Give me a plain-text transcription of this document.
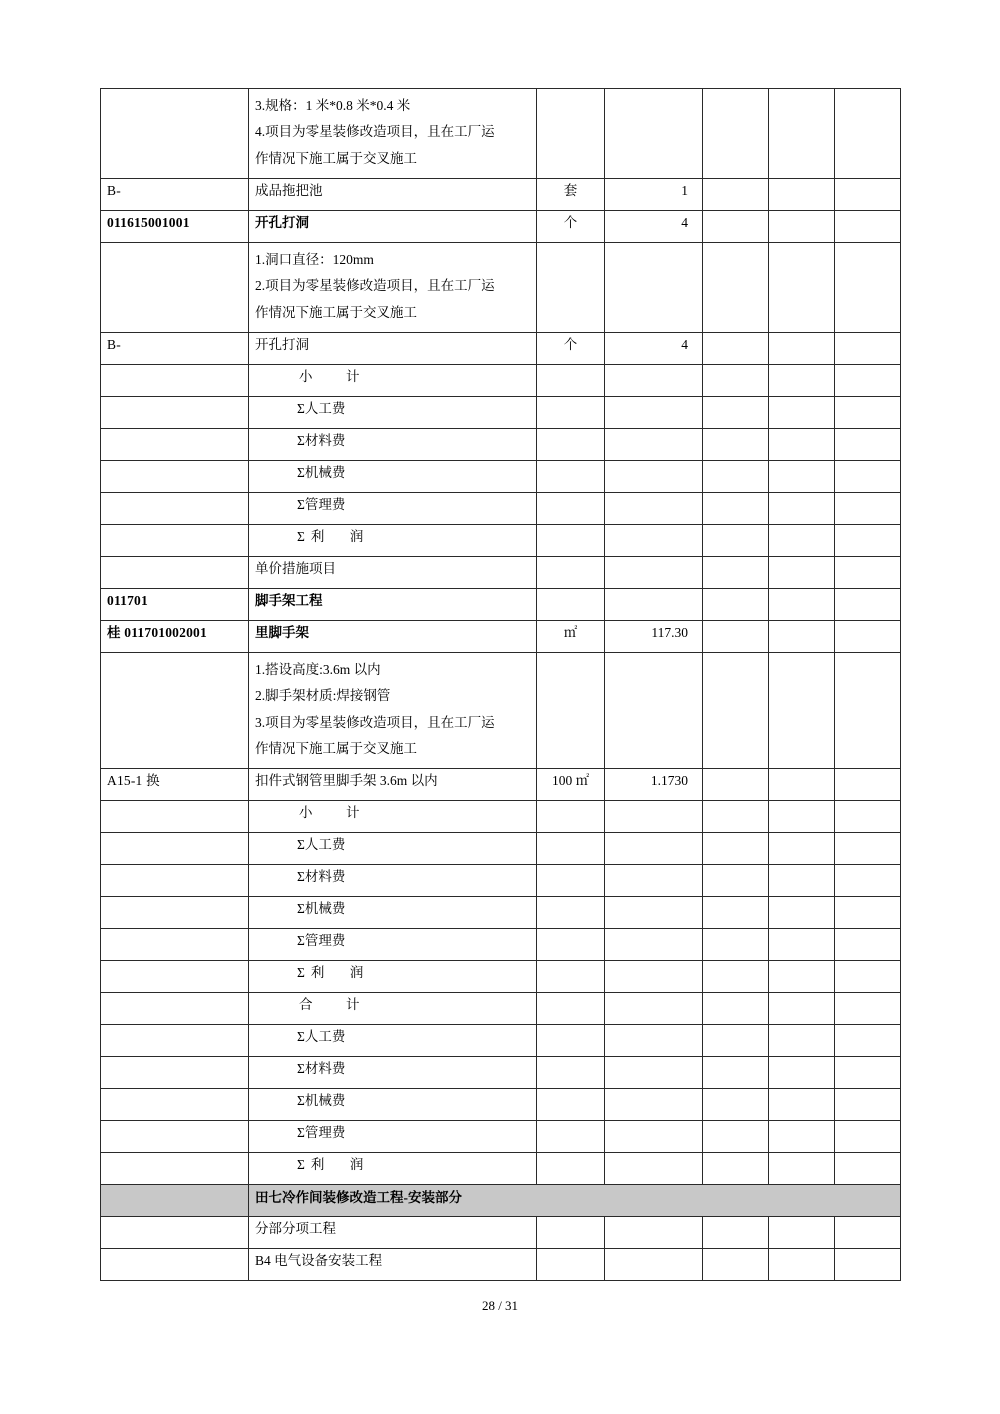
	3.规格：1 米*0.8 米*0.4 米
4.项目为零星装修改造项目，且在工厂运
作情况下施工属于交叉施工					

B-	成品拖把池	套	1			

011615001001	开孔打洞	个	4			

	1.洞口直径：120mm
2.项目为零星装修改造项目，且在工厂运
作情况下施工属于交叉施工					

B-	开孔打洞	个	4			

	小　计					

	Σ人工费					

	Σ材料费					

	Σ机械费					

	Σ管理费					

	Σ利　润					

	单价措施项目					

011701	脚手架工程					

桂 011701002001	里脚手架	㎡	117.30			

	1.搭设高度:3.6m 以内
2.脚手架材质:焊接钢管
3.项目为零星装修改造项目，且在工厂运
作情况下施工属于交叉施工					

A15-1 换	扣件式钢管里脚手架 3.6m 以内	100 ㎡	1.1730			

	小　计					

	Σ人工费					

	Σ材料费					

	Σ机械费					

	Σ管理费					

	Σ利　润					

	合　计					

	Σ人工费					

	Σ材料费					

	Σ机械费					

	Σ管理费					

	Σ利　润					

	田七冷作间装修改造工程-安装部分					

	分部分项工程					

	B4 电气设备安装工程					

28 / 31
